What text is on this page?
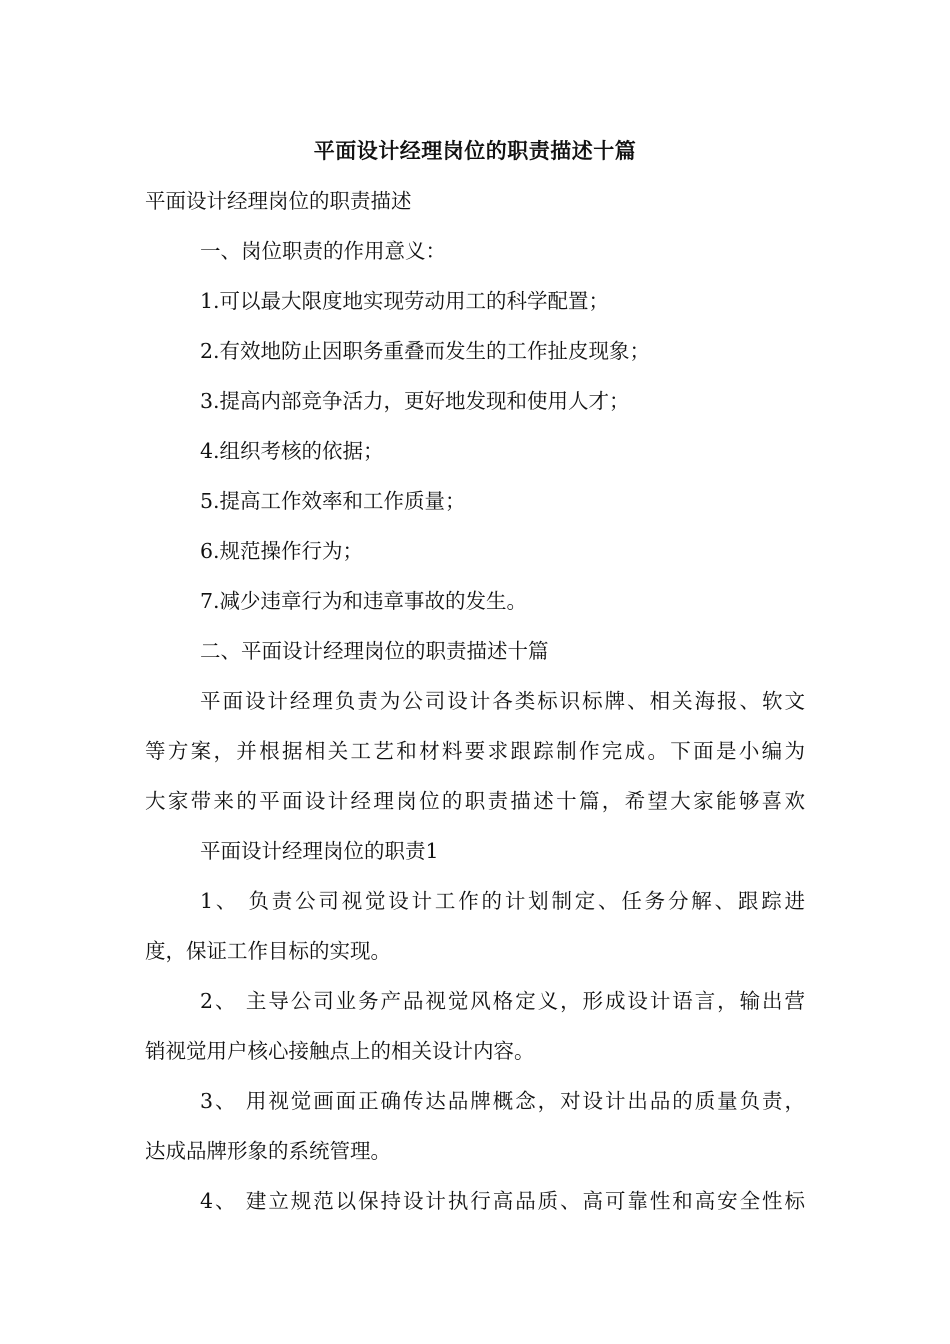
平面设计经理岗位的职责描述十篇
平面设计经理岗位的职责描述
一、岗位职责的作用意义：
1.可以最大限度地实现劳动用工的科学配置；
2.有效地防止因职务重叠而发生的工作扯皮现象；
3.提高内部竞争活力，更好地发现和使用人才；
4.组织考核的依据；
5.提高工作效率和工作质量；
6.规范操作行为；
7.减少违章行为和违章事故的发生。
二、平面设计经理岗位的职责描述十篇
平面设计经理负责为公司设计各类标识标牌、相关海报、软文
等方案，并根据相关工艺和材料要求跟踪制作完成。下面是小编为
大家带来的平面设计经理岗位的职责描述十篇，希望大家能够喜欢
平面设计经理岗位的职责1
1、 负责公司视觉设计工作的计划制定、任务分解、跟踪进
度，保证工作目标的实现。
2、 主导公司业务产品视觉风格定义，形成设计语言，输出营
销视觉用户核心接触点上的相关设计内容。
3、 用视觉画面正确传达品牌概念，对设计出品的质量负责，
达成品牌形象的系统管理。
4、 建立规范以保持设计执行高品质、高可靠性和高安全性标
